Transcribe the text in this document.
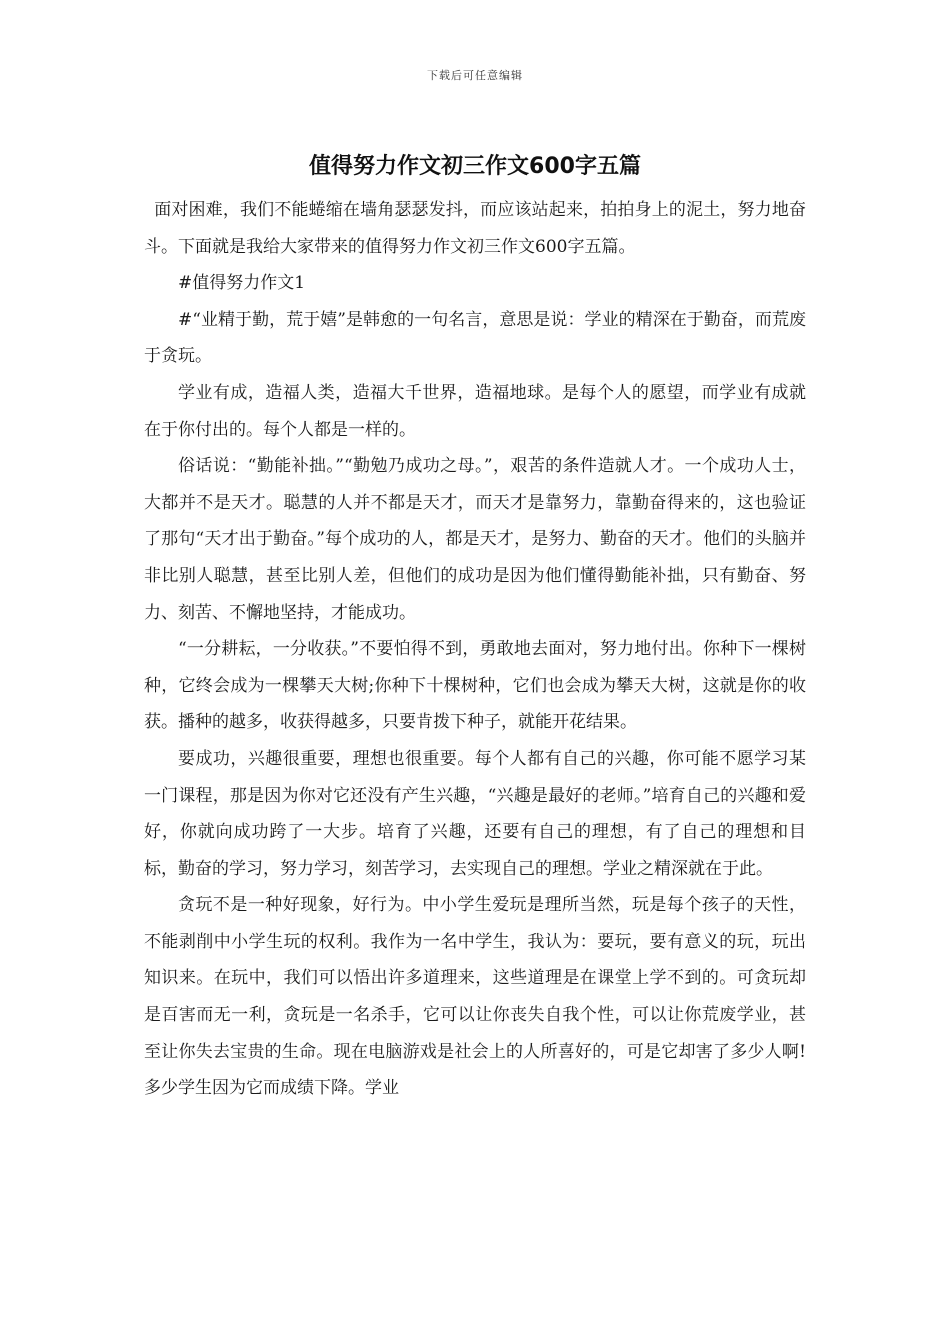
下载后可任意编辑
值得努力作文初三作文600字五篇

面对困难，我们不能蜷缩在墙角瑟瑟发抖，而应该站起来，拍拍身上的泥土，努力地奋斗。下面就是我给大家带来的值得努力作文初三作文600字五篇。

#值得努力作文1

#“业精于勤，荒于嬉”是韩愈的一句名言，意思是说：学业的精深在于勤奋，而荒废于贪玩。

学业有成，造福人类，造福大千世界，造福地球。是每个人的愿望，而学业有成就在于你付出的。每个人都是一样的。

俗话说：“勤能补拙。”“勤勉乃成功之母。”，艰苦的条件造就人才。一个成功人士，大都并不是天才。聪慧的人并不都是天才，而天才是靠努力，靠勤奋得来的，这也验证了那句“天才出于勤奋。”每个成功的人，都是天才，是努力、勤奋的天才。他们的头脑并非比别人聪慧，甚至比别人差，但他们的成功是因为他们懂得勤能补拙，只有勤奋、努力、刻苦、不懈地坚持，才能成功。

“一分耕耘，一分收获。”不要怕得不到，勇敢地去面对，努力地付出。你种下一棵树种，它终会成为一棵攀天大树;你种下十棵树种，它们也会成为攀天大树，这就是你的收获。播种的越多，收获得越多，只要肯拨下种子，就能开花结果。

要成功，兴趣很重要，理想也很重要。每个人都有自己的兴趣，你可能不愿学习某一门课程，那是因为你对它还没有产生兴趣，“兴趣是最好的老师。”培育自己的兴趣和爱好，你就向成功跨了一大步。培育了兴趣，还要有自己的理想，有了自己的理想和目标，勤奋的学习，努力学习，刻苦学习，去实现自己的理想。学业之精深就在于此。

贪玩不是一种好现象，好行为。中小学生爱玩是理所当然，玩是每个孩子的天性，不能剥削中小学生玩的权利。我作为一名中学生，我认为：要玩，要有意义的玩，玩出知识来。在玩中，我们可以悟出许多道理来，这些道理是在课堂上学不到的。可贪玩却是百害而无一利，贪玩是一名杀手，它可以让你丧失自我个性，可以让你荒废学业，甚至让你失去宝贵的生命。现在电脑游戏是社会上的人所喜好的，可是它却害了多少人啊!多少学生因为它而成绩下降。学业
